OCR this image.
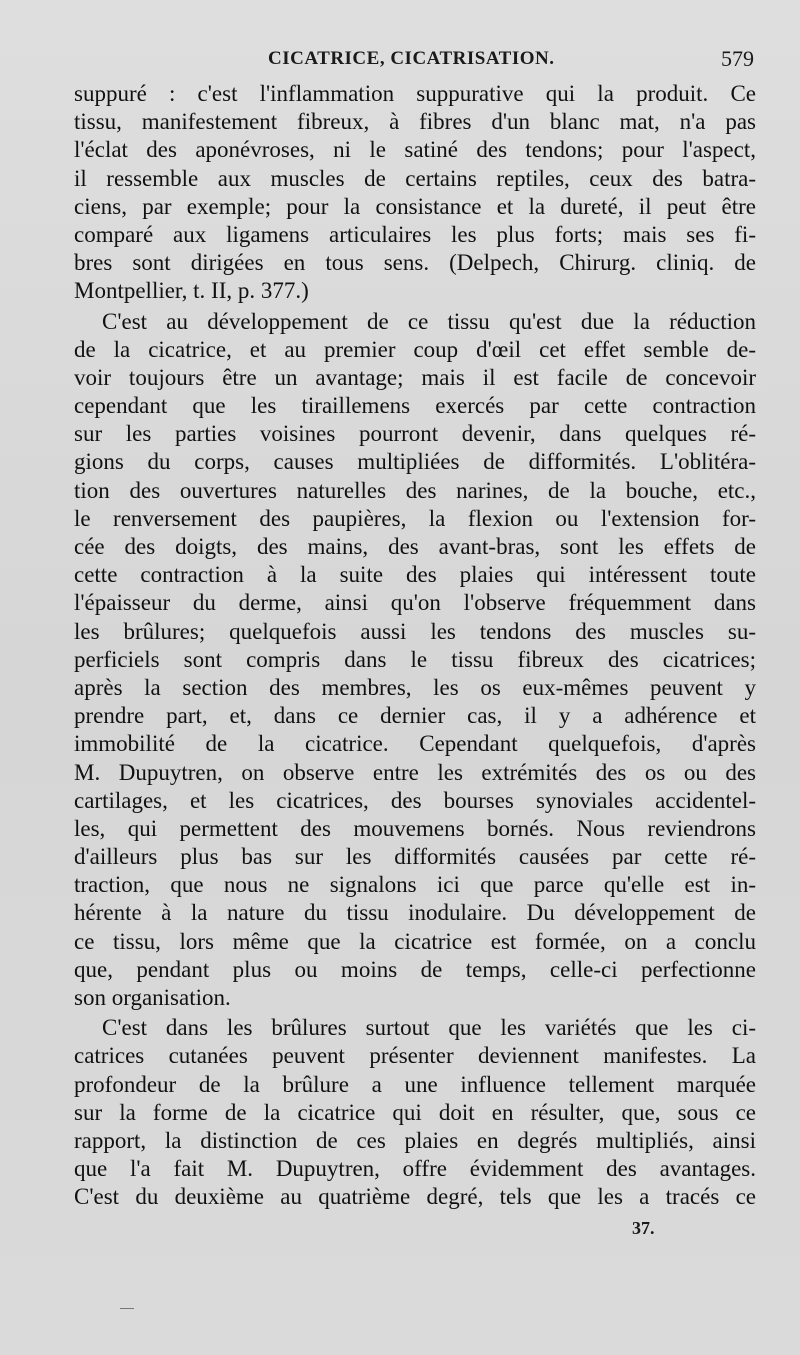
CICATRICE, CICATRISATION.	579
suppuré : c'est l'inflammation suppurative qui la produit. Ce
tissu, manifestement fibreux, à fibres d'un blanc mat, n'a pas
l'éclat des aponévroses, ni le satiné des tendons; pour l'aspect,
il ressemble aux muscles de certains reptiles, ceux des batra-
ciens, par exemple; pour la consistance et la dureté, il peut être
comparé aux ligamens articulaires les plus forts; mais ses fi-
bres sont dirigées en tous sens. (Delpech, Chirurg. cliniq. de
Montpellier, t. II, p. 377.)
C'est au développement de ce tissu qu'est due la réduction
de la cicatrice, et au premier coup d'œil cet effet semble de-
voir toujours être un avantage; mais il est facile de concevoir
cependant que les tiraillemens exercés par cette contraction
sur les parties voisines pourront devenir, dans quelques ré-
gions du corps, causes multipliées de difformités. L'oblitéra-
tion des ouvertures naturelles des narines, de la bouche, etc.,
le renversement des paupières, la flexion ou l'extension for-
cée des doigts, des mains, des avant-bras, sont les effets de
cette contraction à la suite des plaies qui intéressent toute
l'épaisseur du derme, ainsi qu'on l'observe fréquemment dans
les brûlures; quelquefois aussi les tendons des muscles su-
perficiels sont compris dans le tissu fibreux des cicatrices;
après la section des membres, les os eux-mêmes peuvent y
prendre part, et, dans ce dernier cas, il y a adhérence et
immobilité de la cicatrice. Cependant quelquefois, d'après
M. Dupuytren, on observe entre les extrémités des os ou des
cartilages, et les cicatrices, des bourses synoviales accidentel-
les, qui permettent des mouvemens bornés. Nous reviendrons
d'ailleurs plus bas sur les difformités causées par cette ré-
traction, que nous ne signalons ici que parce qu'elle est in-
hérente à la nature du tissu inodulaire. Du développement de
ce tissu, lors même que la cicatrice est formée, on a conclu
que, pendant plus ou moins de temps, celle-ci perfectionne
son organisation.
C'est dans les brûlures surtout que les variétés que les ci-
catrices cutanées peuvent présenter deviennent manifestes. La
profondeur de la brûlure a une influence tellement marquée
sur la forme de la cicatrice qui doit en résulter, que, sous ce
rapport, la distinction de ces plaies en degrés multipliés, ainsi
que l'a fait M. Dupuytren, offre évidemment des avantages.
C'est du deuxième au quatrième degré, tels que les a tracés ce
37.
